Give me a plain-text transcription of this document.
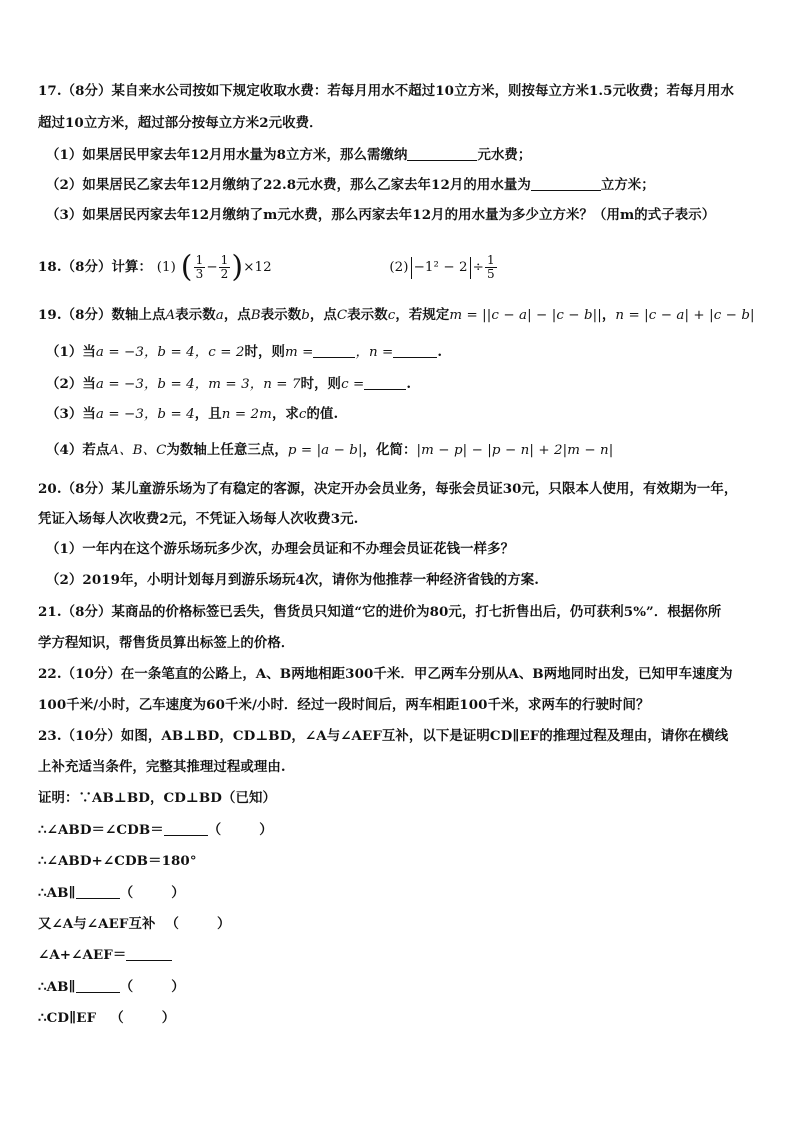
17.（8分）某自来水公司按如下规定收取水费：若每月用水不超过10立方米，则按每立方米1.5元收费；若每月用水
超过10立方米，超过部分按每立方米2元收费．
（1）如果居民甲家去年12月用水量为8立方米，那么需缴纳	元水费；
（2）如果居民乙家去年12月缴纳了22.8元水费，那么乙家去年12月的用水量为	立方米；
（3）如果居民丙家去年12月缴纳了m元水费，那么丙家去年12月的用水量为多少立方米？（用m的式子表示）
18.（8分）计算： (1) ( $\frac{1}{3} - \frac{1}{2} )\times 12$	$(2) -1^2 - 2 \div \frac{1}{5}$
19.（8分）数轴上点A表示数a，点B表示数b，点C表示数c，若规定m = ||c − a| − |c − b||，n = |c − a| + |c − b|
（1）当a = −3，b = 4，c = 2时，则m =	，n =	.
（2）当a = −3，b = 4，m = 3，n = 7时，则c =	.
（3）当a = −3，b = 4，且n = 2m，求c的值.
（4）若点A、B、C为数轴上任意三点，p = |a − b|，化简：|m − p| − |p − n| + 2|m − n|
20.（8分）某儿童游乐场为了有稳定的客源，决定开办会员业务，每张会员证30元，只限本人使用，有效期为一年，
凭证入场每人次收费2元，不凭证入场每人次收费3元.
（1）一年内在这个游乐场玩多少次，办理会员证和不办理会员证花钱一样多？
（2）2019年，小明计划每月到游乐场玩4次，请你为他推荐一种经济省钱的方案.
21.（8分）某商品的价格标签已丢失，售货员只知道“它的进价为80元，打七折售出后，仍可获利5%”．根据你所
学方程知识，帮售货员算出标签上的价格．
22.（10分）在一条笔直的公路上，A、B两地相距300千米．甲乙两车分别从A、B两地同时出发，已知甲车速度为
100千米/小时，乙车速度为60千米/小时．经过一段时间后，两车相距100千米，求两车的行驶时间？
23.（10分）如图，AB⊥BD，CD⊥BD，∠A与∠AEF互补，以下是证明CD∥EF的推理过程及理由，请你在横线
上补充适当条件，完整其推理过程或理由.
证明：∵AB⊥BD，CD⊥BD（已知）
∴∠ABD＝∠CDB＝	（	）
∴∠ABD+∠CDB＝180°
∴AB∥	（	）
又∠A与∠AEF互补 （	）
∠A+∠AEF＝
∴AB∥	（	）
∴CD∥EF （	）
